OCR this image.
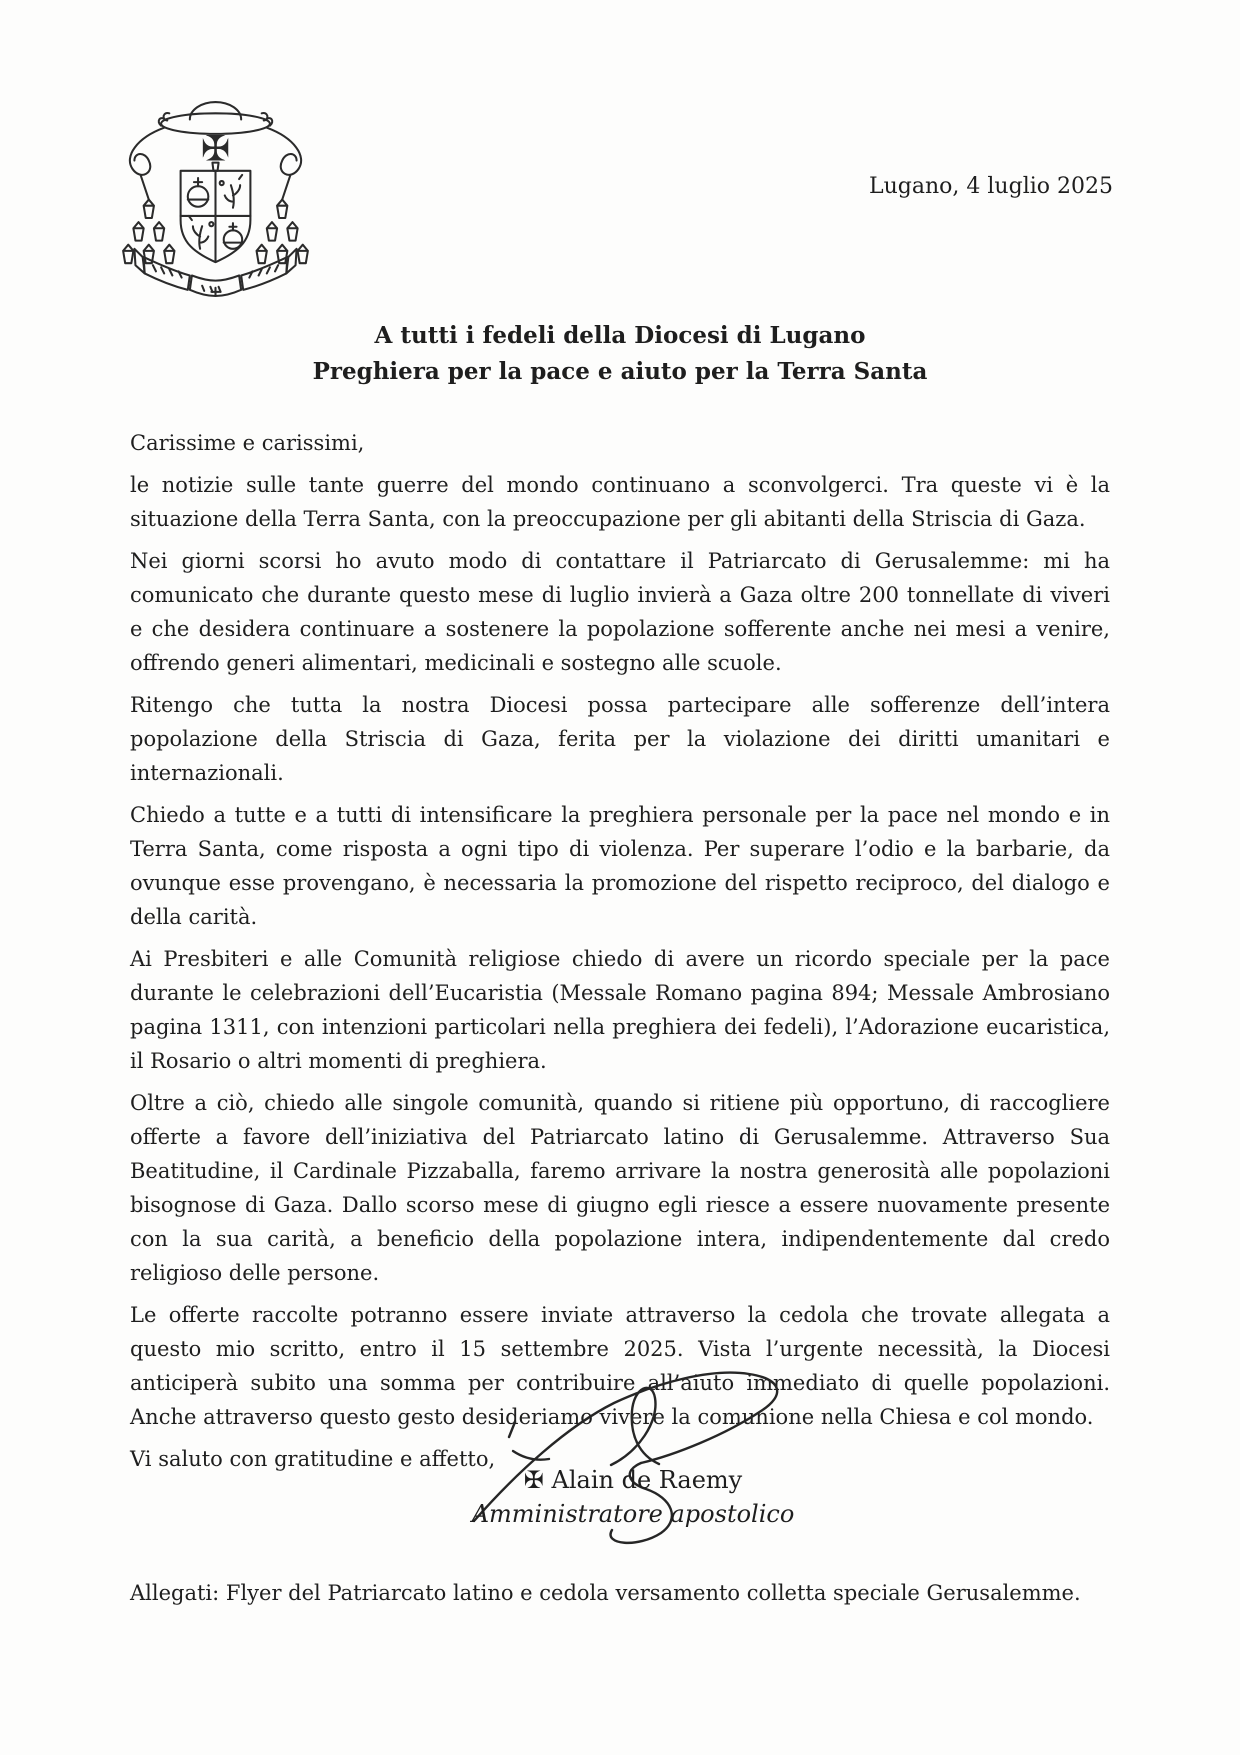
✠
Lugano, 4 luglio 2025
A tutti i fedeli della Diocesi di Lugano
Preghiera per la pace e aiuto per la Terra Santa

Carissime e carissimi,

le notizie sulle tante guerre del mondo continuano a sconvolgerci. Tra queste vi è la situazione della Terra Santa, con la preoccupazione per gli abitanti della Striscia di Gaza.

Nei giorni scorsi ho avuto modo di contattare il Patriarcato di Gerusalemme: mi ha comunicato che durante questo mese di luglio invierà a Gaza oltre 200 tonnellate di viveri e che desidera continuare a sostenere la popolazione sofferente anche nei mesi a venire, offrendo generi alimentari, medicinali e sostegno alle scuole.

Ritengo che tutta la nostra Diocesi possa partecipare alle sofferenze dell’intera popolazione della Striscia di Gaza, ferita per la violazione dei diritti umanitari e internazionali.

Chiedo a tutte e a tutti di intensificare la preghiera personale per la pace nel mondo e in Terra Santa, come risposta a ogni tipo di violenza. Per superare l’odio e la barbarie, da ovunque esse provengano, è necessaria la promozione del rispetto reciproco, del dialogo e della carità.

Ai Presbiteri e alle Comunità religiose chiedo di avere un ricordo speciale per la pace durante le celebrazioni dell’Eucaristia (Messale Romano pagina 894; Messale Ambrosiano pagina 1311, con intenzioni particolari nella preghiera dei fedeli), l’Adorazione eucaristica, il Rosario o altri momenti di preghiera.

Oltre a ciò, chiedo alle singole comunità, quando si ritiene più opportuno, di raccogliere offerte a favore dell’iniziativa del Patriarcato latino di Gerusalemme. Attraverso Sua Beatitudine, il Cardinale Pizzaballa, faremo arrivare la nostra generosità alle popolazioni bisognose di Gaza. Dallo scorso mese di giugno egli riesce a essere nuovamente presente con la sua carità, a beneficio della popolazione intera, indipendentemente dal credo religioso delle persone.

Le offerte raccolte potranno essere inviate attraverso la cedola che trovate allegata a questo mio scritto, entro il 15 settembre 2025. Vista l’urgente necessità, la Diocesi anticiperà subito una somma per contribuire all’aiuto immediato di quelle popolazioni. Anche attraverso questo gesto desideriamo vivere la comunione nella Chiesa e col mondo.

Vi saluto con gratitudine e affetto,

✠ Alain de Raemy
Amministratore apostolico
Allegati: Flyer del Patriarcato latino e cedola versamento colletta speciale Gerusalemme.
